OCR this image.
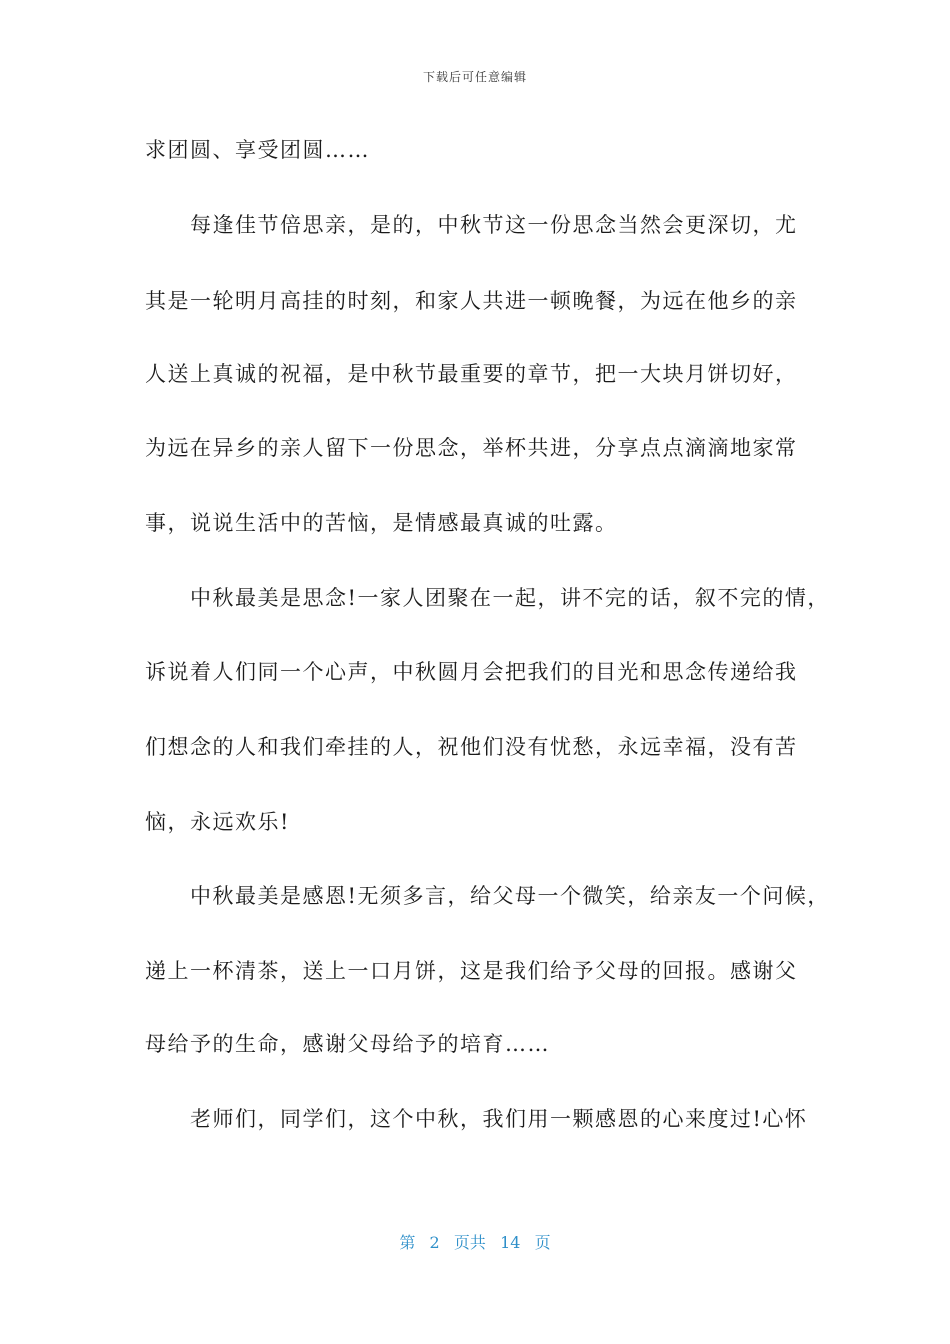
下载后可任意编辑
求团圆、享受团圆……
每逢佳节倍思亲，是的，中秋节这一份思念当然会更深切，尤
其是一轮明月高挂的时刻，和家人共进一顿晚餐，为远在他乡的亲
人送上真诚的祝福，是中秋节最重要的章节，把一大块月饼切好，
为远在异乡的亲人留下一份思念，举杯共进，分享点点滴滴地家常
事，说说生活中的苦恼，是情感最真诚的吐露。
中秋最美是思念!一家人团聚在一起，讲不完的话，叙不完的情，
诉说着人们同一个心声，中秋圆月会把我们的目光和思念传递给我
们想念的人和我们牵挂的人，祝他们没有忧愁，永远幸福，没有苦
恼，永远欢乐!
中秋最美是感恩!无须多言，给父母一个微笑，给亲友一个问候，
递上一杯清茶，送上一口月饼，这是我们给予父母的回报。感谢父
母给予的生命，感谢父母给予的培育……
老师们，同学们，这个中秋，我们用一颗感恩的心来度过!心怀
第  2  页共  14  页
